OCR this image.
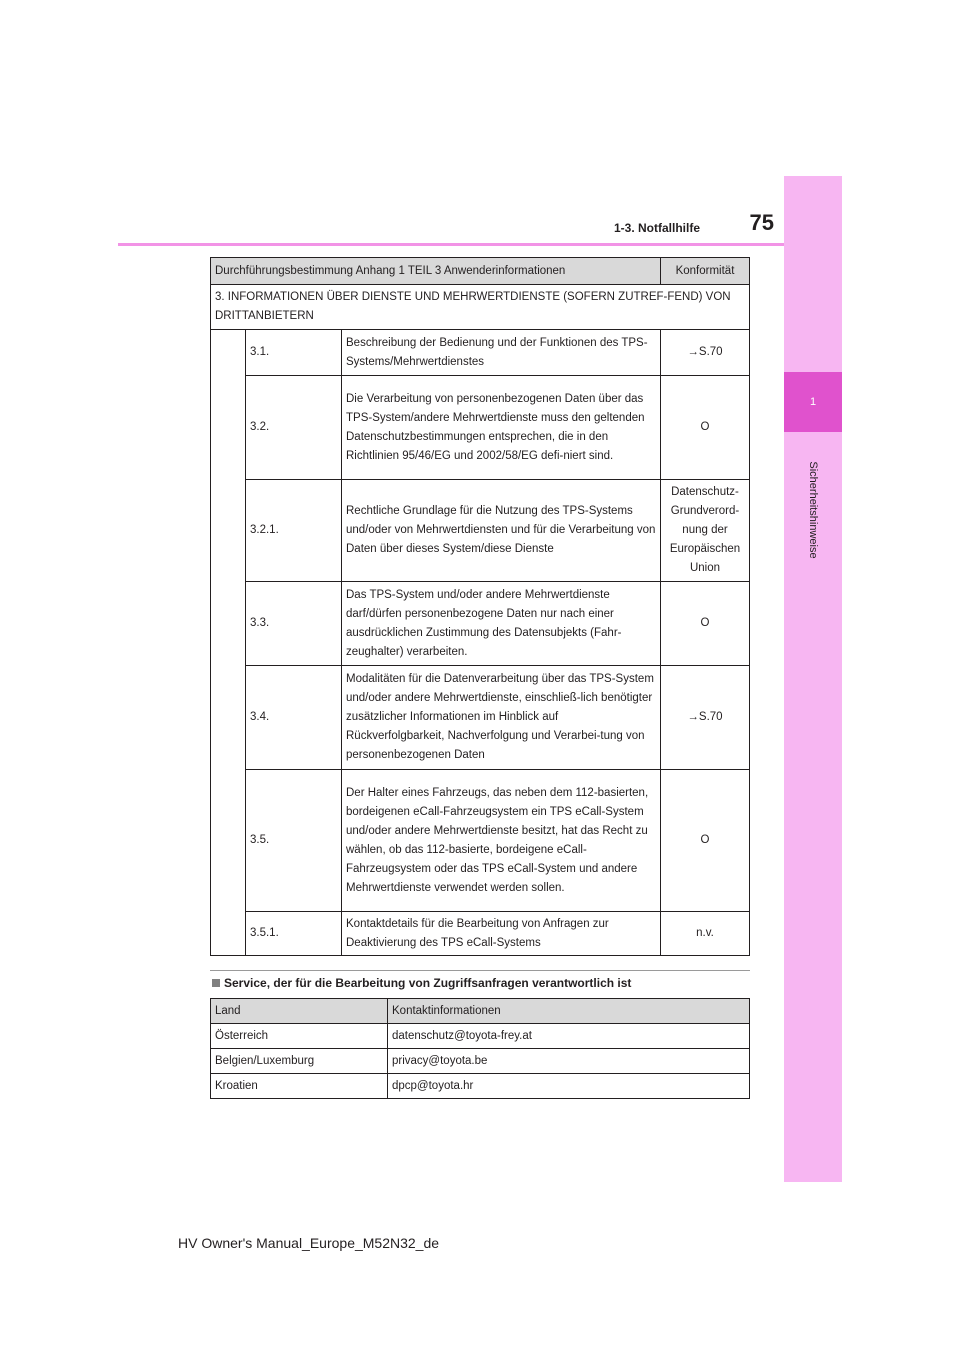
1
Sicherheitshinweise
75
1-3. Notfallhilfe
Durchführungsbestimmung Anhang 1 TEIL 3 Anwenderinformationen			Konformität
3. INFORMATIONEN ÜBER DIENSTE UND MEHRWERTDIENSTE (SOFERN ZUTREF-FEND) VON DRITTANBIETERN			
	3.1.	Beschreibung der Bedienung und der Funktionen des TPS-Systems/Mehrwertdienstes	→S.70
	3.2.	Die Verarbeitung von personenbezogenen Daten über das TPS-System/andere Mehrwertdienste muss den geltenden Datenschutzbestimmungen entsprechen, die in den Richtlinien 95/46/EG und 2002/58/EG defi-niert sind.	O
	3.2.1.	Rechtliche Grundlage für die Nutzung des TPS-Systems und/oder von Mehrwertdiensten und für die Verarbeitung von Daten über dieses System/diese Dienste	Datenschutz-Grundverord-nung der Europäischen Union
	3.3.	Das TPS-System und/oder andere Mehrwertdienste darf/dürfen personenbezogene Daten nur nach einer ausdrücklichen Zustimmung des Datensubjekts (Fahr-zeughalter) verarbeiten.	O
	3.4.	Modalitäten für die Datenverarbeitung über das TPS-System und/oder andere Mehrwertdienste, einschließ-lich benötigter zusätzlicher Informationen im Hinblick auf Rückverfolgbarkeit, Nachverfolgung und Verarbei-tung von personenbezogenen Daten	→S.70
	3.5.	Der Halter eines Fahrzeugs, das neben dem 112-basierten, bordeigenen eCall-Fahrzeugsystem ein TPS eCall-System und/oder andere Mehrwertdienste besitzt, hat das Recht zu wählen, ob das 112-basierte, bordeigene eCall-Fahrzeugsystem oder das TPS eCall-System und andere Mehrwertdienste verwendet werden sollen.	O
	3.5.1.	Kontaktdetails für die Bearbeitung von Anfragen zur Deaktivierung des TPS eCall-Systems	n.v.
Service, der für die Bearbeitung von Zugriffsanfragen verantwortlich ist
Land	Kontaktinformationen
Österreich	datenschutz@toyota-frey.at
Belgien/Luxemburg	privacy@toyota.be
Kroatien	dpcp@toyota.hr
HV Owner's Manual_Europe_M52N32_de
